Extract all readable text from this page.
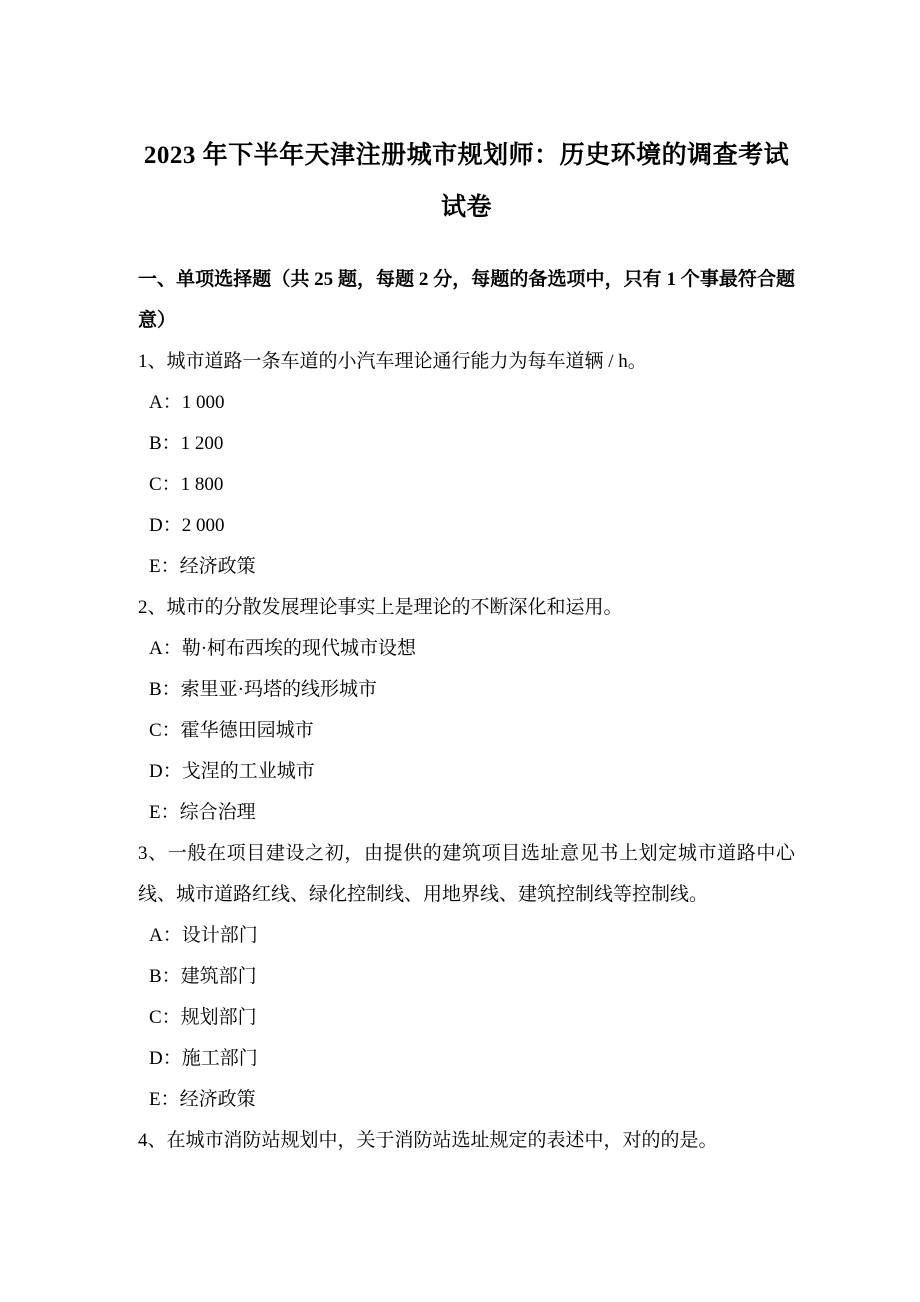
2023 年下半年天津注册城市规划师：历史环境的调查考试
试卷

一、单项选择题（共 25 题，每题 2 分，每题的备选项中，只有 1 个事最符合题意）

1、城市道路一条车道的小汽车理论通行能力为每车道辆 / h。

A：1 000

B：1 200

C：1 800

D：2 000

E：经济政策

2、城市的分散发展理论事实上是理论的不断深化和运用。

A：勒·柯布西埃的现代城市设想

B：索里亚·玛塔的线形城市

C：霍华德田园城市

D：戈涅的工业城市

E：综合治理

3、一般在项目建设之初，由提供的建筑项目选址意见书上划定城市道路中心线、城市道路红线、绿化控制线、用地界线、建筑控制线等控制线。

A：设计部门

B：建筑部门

C：规划部门

D：施工部门

E：经济政策

4、在城市消防站规划中，关于消防站选址规定的表述中，对的的是。
